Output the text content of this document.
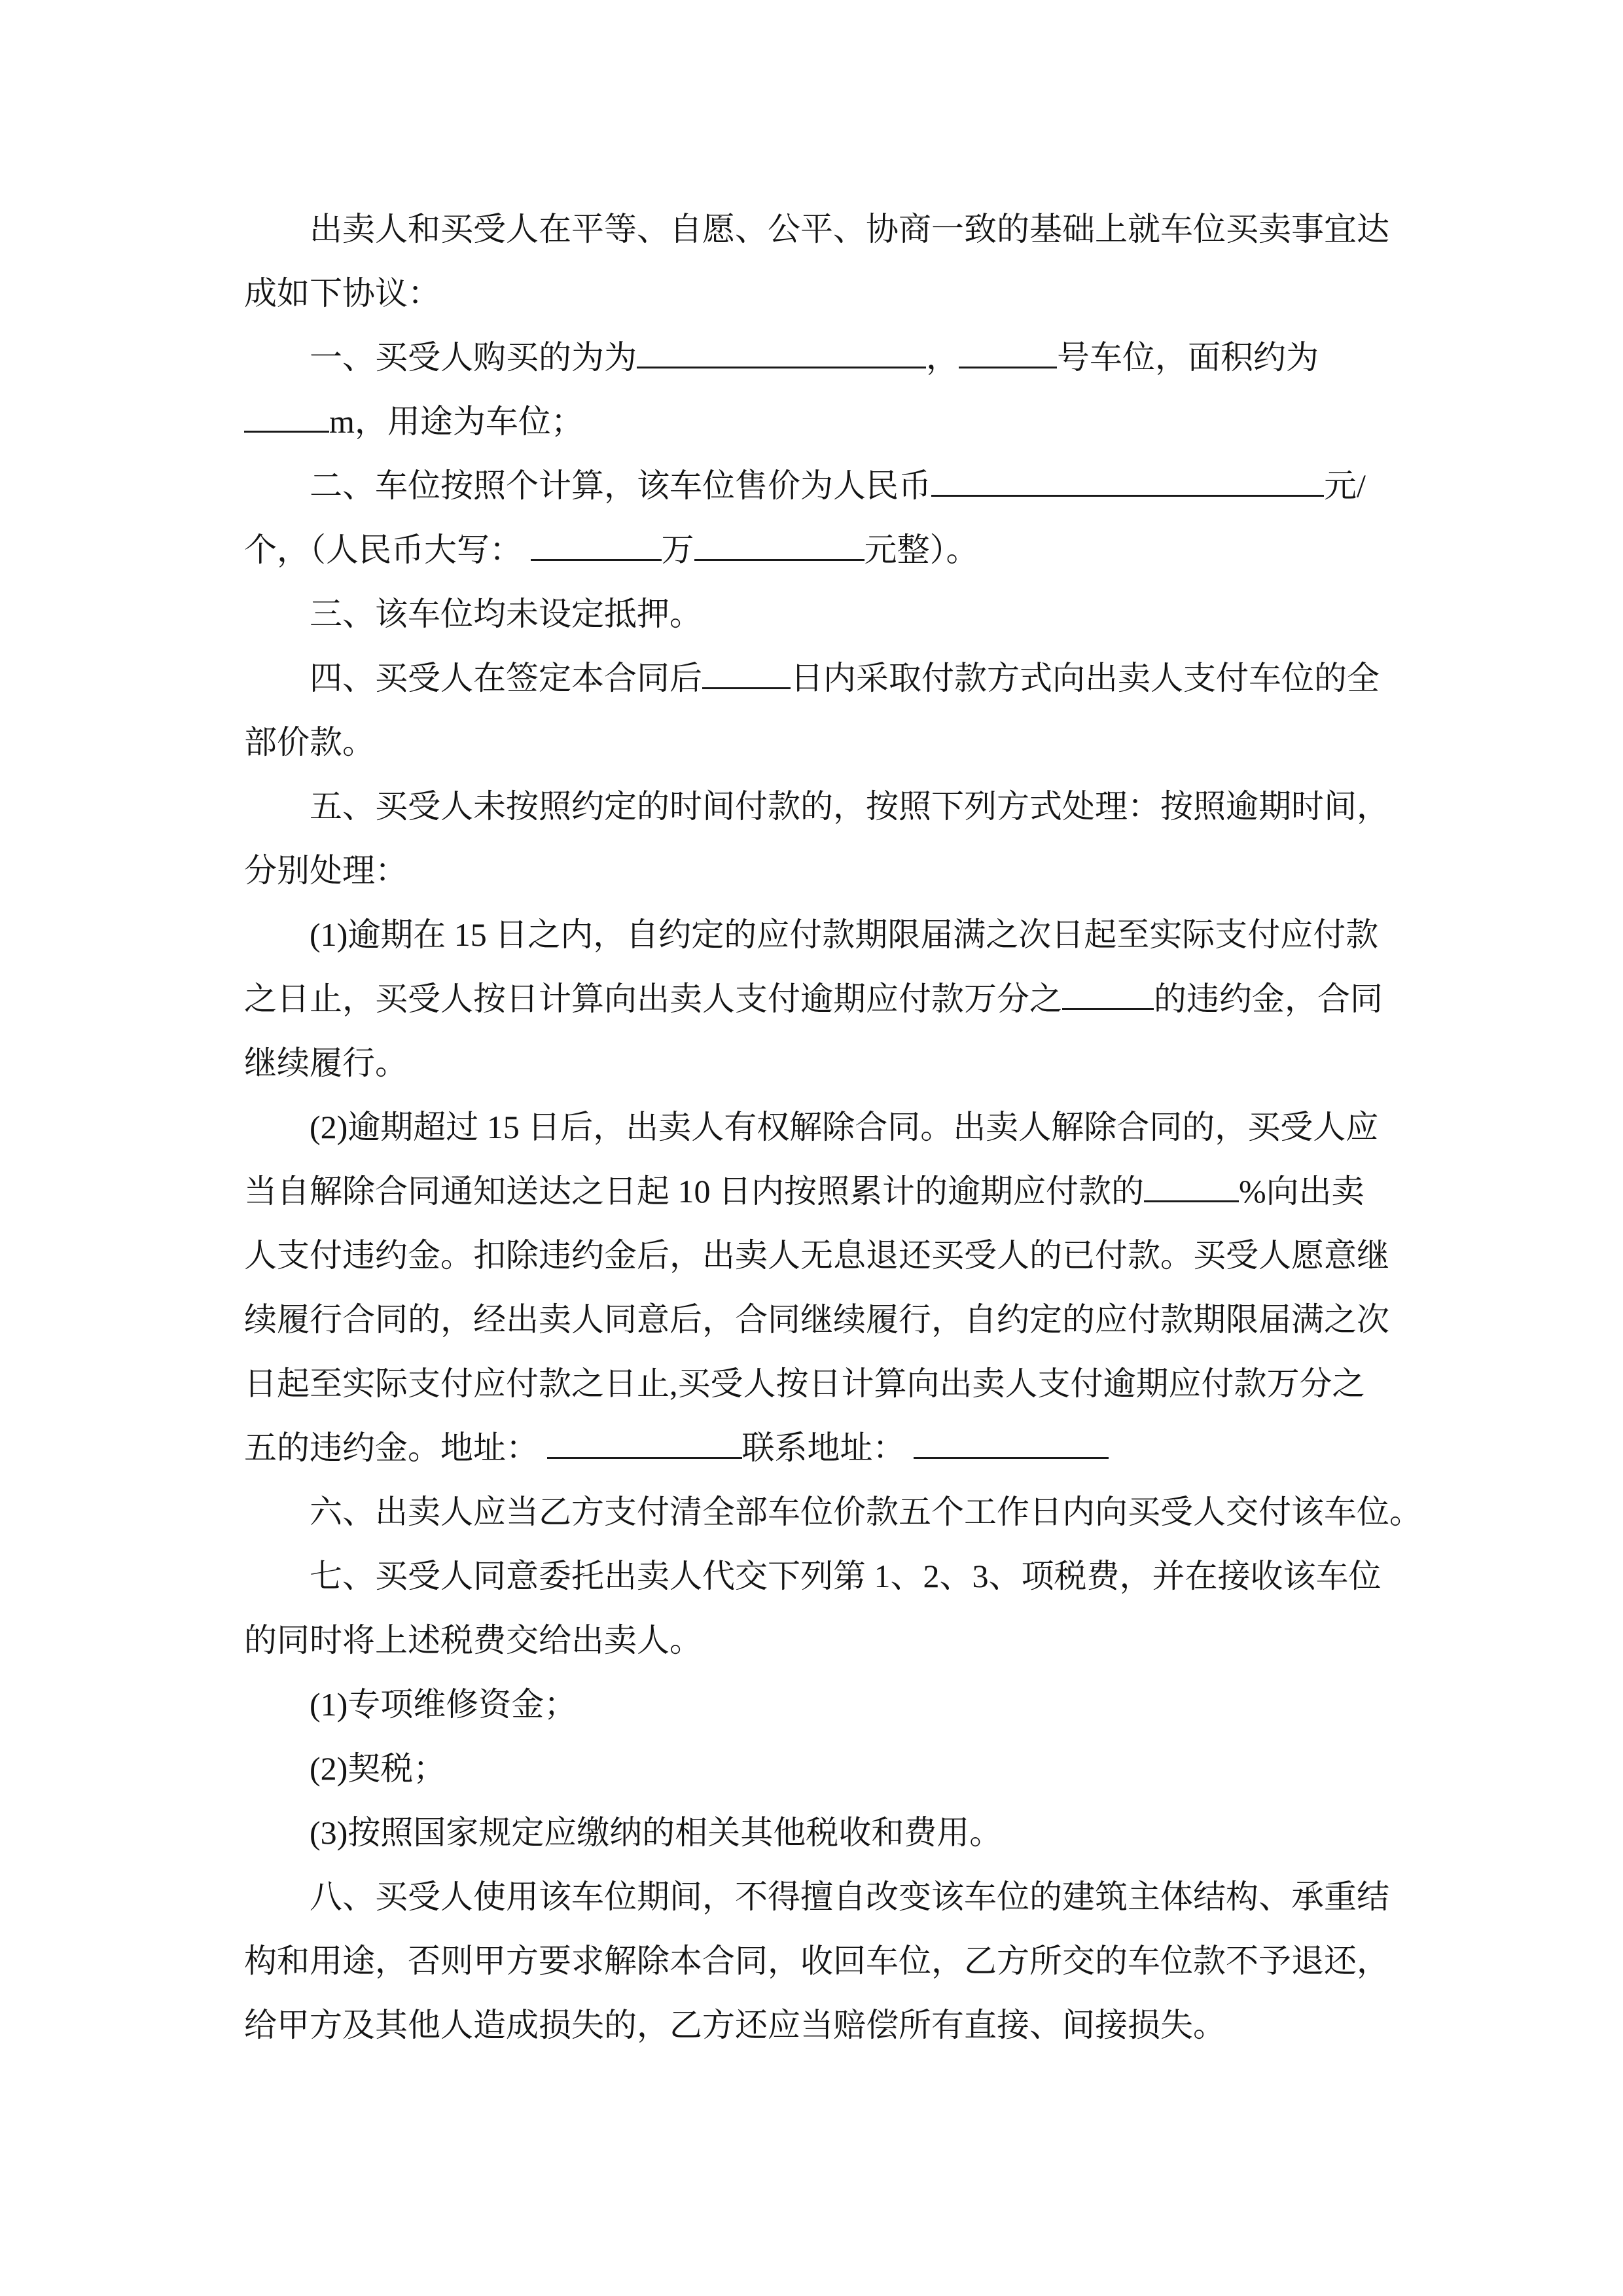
出卖人和买受人在平等、自愿、公平、协商一致的基础上就车位买卖事宜达
成如下协议：
一、买受人购买的为为	，	号车位，面积约为
m，用途为车位；
二、车位按照个计算，该车位售价为人民币	元/
个，（人民币大写：	万	元整）。
三、该车位均未设定抵押。
四、买受人在签定本合同后	日内采取付款方式向出卖人支付车位的全
部价款。
五、买受人未按照约定的时间付款的，按照下列方式处理：按照逾期时间，
分别处理：
(1)逾期在 15 日之内，自约定的应付款期限届满之次日起至实际支付应付款
之日止，买受人按日计算向出卖人支付逾期应付款万分之	的违约金，合同
继续履行。
(2)逾期超过 15 日后，出卖人有权解除合同。出卖人解除合同的，买受人应
当自解除合同通知送达之日起 10 日内按照累计的逾期应付款的	%向出卖
人支付违约金。扣除违约金后，出卖人无息退还买受人的已付款。买受人愿意继
续履行合同的，经出卖人同意后，合同继续履行，自约定的应付款期限届满之次
日起至实际支付应付款之日止,买受人按日计算向出卖人支付逾期应付款万分之
五的违约金。地址：	联系地址：
六、出卖人应当乙方支付清全部车位价款五个工作日内向买受人交付该车位。
七、买受人同意委托出卖人代交下列第 1、2、3、项税费，并在接收该车位
的同时将上述税费交给出卖人。
(1)专项维修资金；
(2)契税；
(3)按照国家规定应缴纳的相关其他税收和费用。
八、买受人使用该车位期间，不得擅自改变该车位的建筑主体结构、承重结
构和用途，否则甲方要求解除本合同，收回车位，乙方所交的车位款不予退还，
给甲方及其他人造成损失的，乙方还应当赔偿所有直接、间接损失。
